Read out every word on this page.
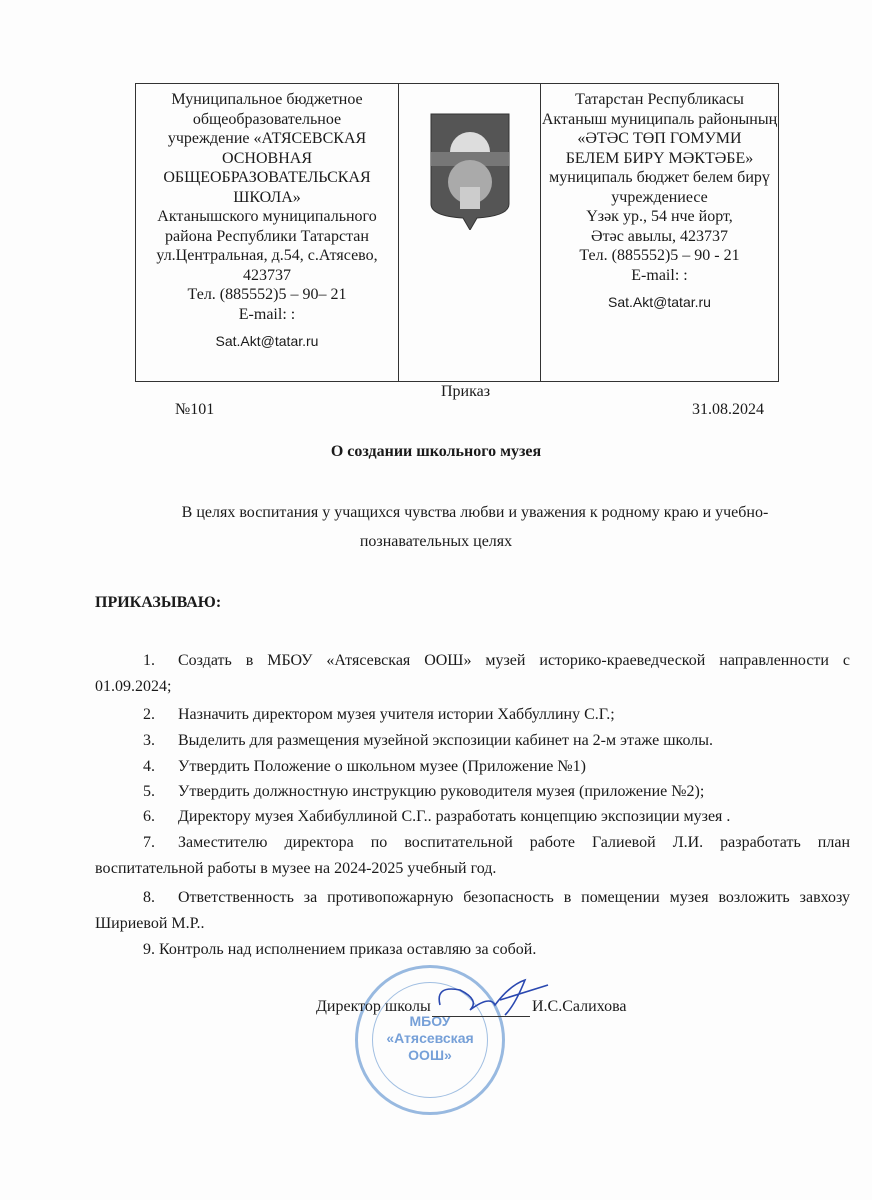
Муниципальное бюджетное
общеобразовательное
учреждение «АТЯСЕВСКАЯ
ОСНОВНАЯ
ОБЩЕОБРАЗОВАТЕЛЬСКАЯ
ШКОЛА»
Актанышского муниципального
района Республики Татарстан
ул.Центральная, д.54, с.Атясево,
423737
Тел. (885552)5 – 90– 21
E-mail: :
Sat.Akt@tatar.ru
Татарстан Республикасы
Актаныш муниципаль районының
«ӘТӘС ТӨП ГОМУМИ
БЕЛЕМ БИРҮ МӘКТӘБЕ»
муниципаль бюджет белем бирү
учреждениесе
Үзәк ур., 54 нче йорт,
Әтәс авылы, 423737
Тел. (885552)5 – 90 - 21
E-mail: :
Sat.Akt@tatar.ru
Приказ
№101	31.08.2024
О создании школьного музея
В целях воспитания у учащихся чувства любви и уважения к родному краю и учебно-
познавательных целях
ПРИКАЗЫВАЮ:
1.	Создать в МБОУ «Атясевская ООШ» музей историко-краеведческой направленности с 01.09.2024;
2.	Назначить директором музея учителя истории Хаббуллину С.Г.;
3.	Выделить для размещения музейной экспозиции кабинет на 2-м этаже школы.
4.	Утвердить Положение о школьном музее (Приложение №1)
5.	Утвердить должностную инструкцию руководителя музея (приложение №2);
6.	Директору музея Хабибуллиной С.Г.. разработать концепцию экспозиции музея .
7.	Заместителю директора по воспитательной работе Галиевой Л.И. разработать план воспитательной работы в музее на 2024-2025 учебный год.
8.	Ответственность за противопожарную безопасность в помещении музея возложить завхозу Шириевой М.Р..
9. Контроль над исполнением приказа оставляю за собой.
МБОУ
«Атясевская
ООШ»
Директор школы	И.С.Салихова
